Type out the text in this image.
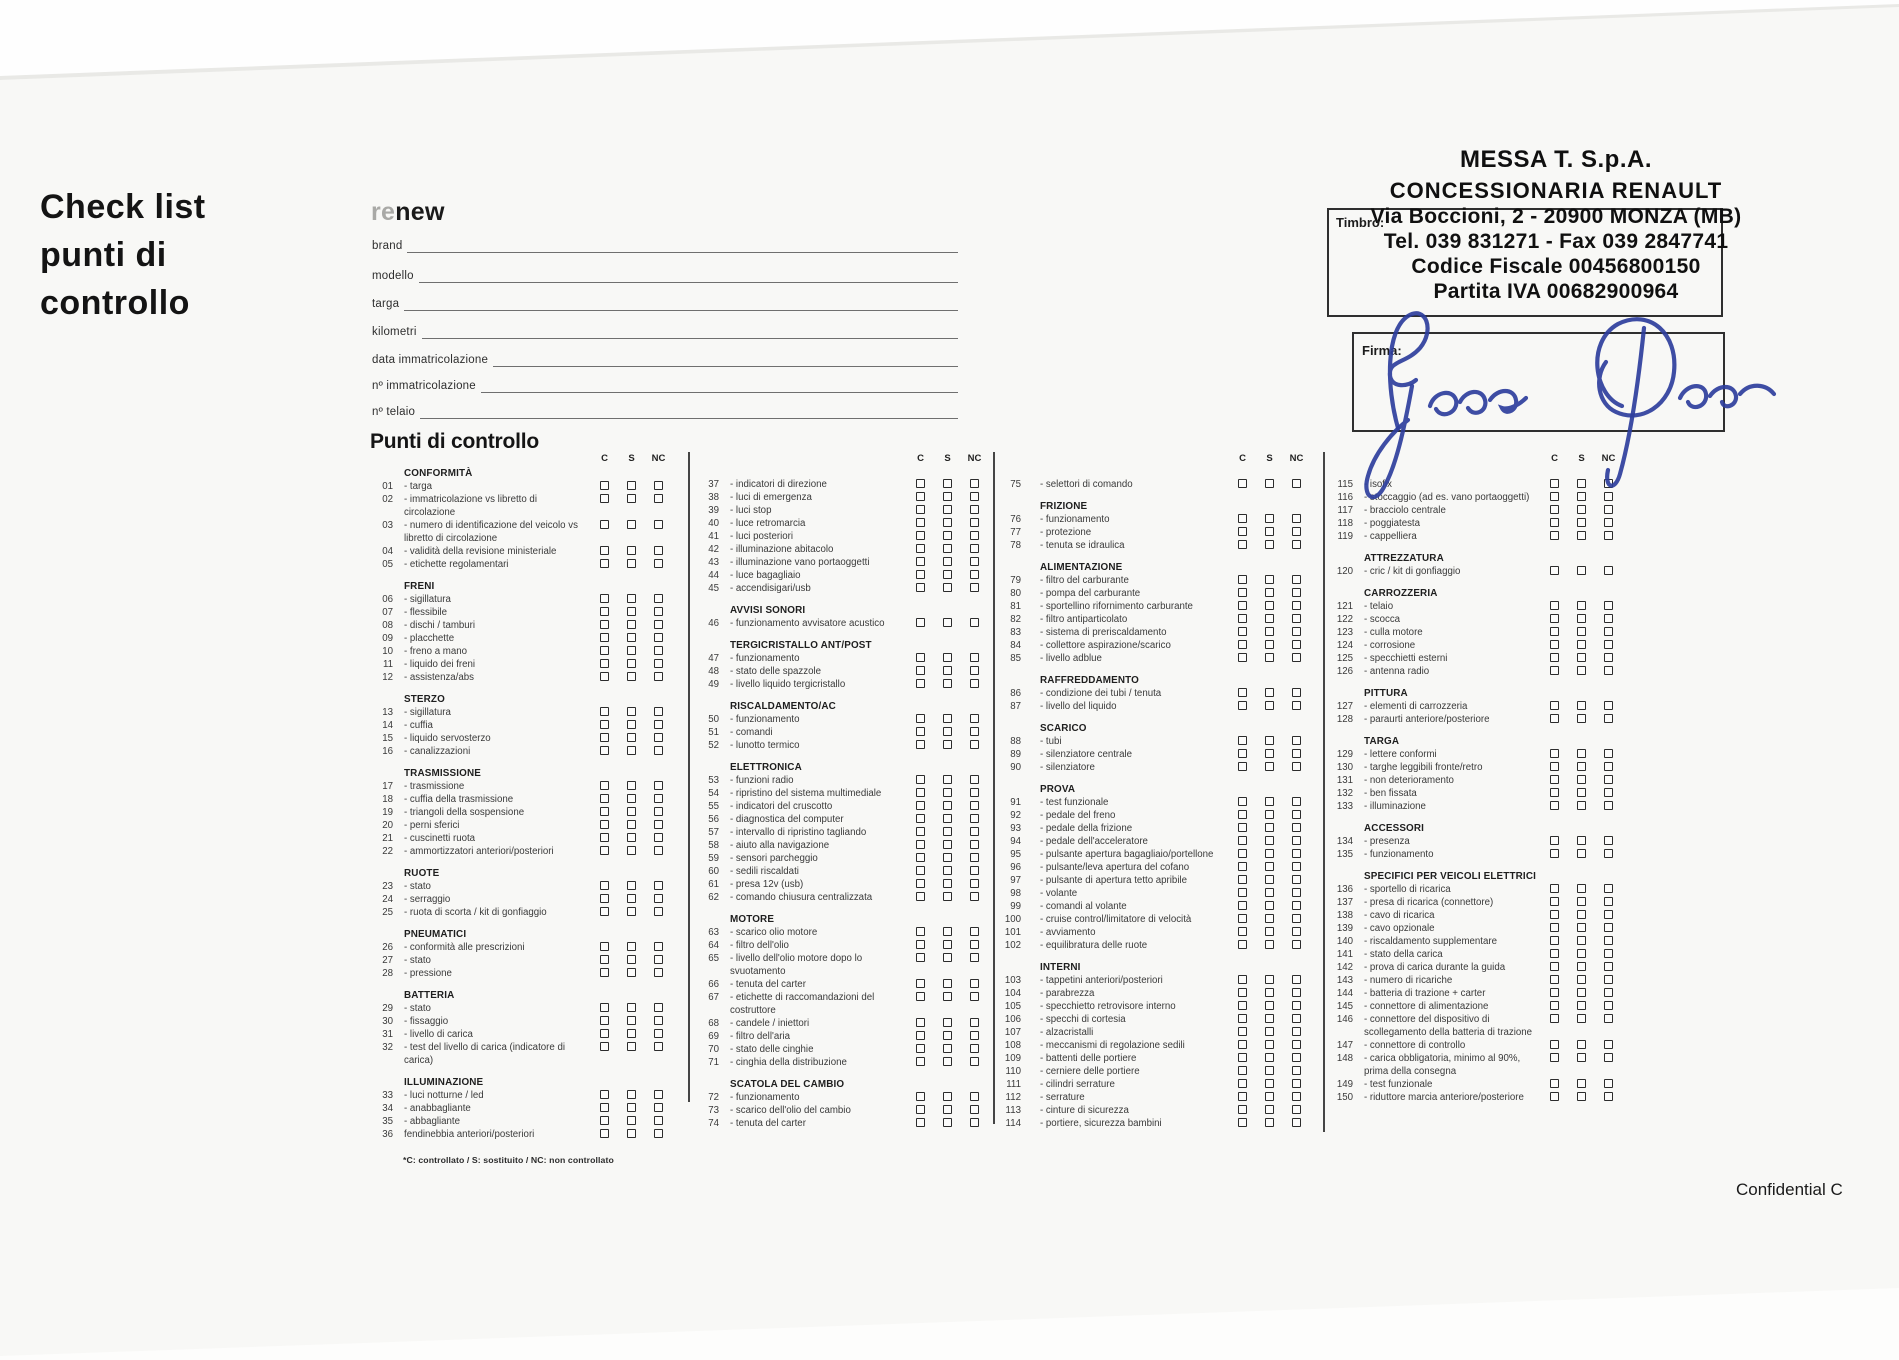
Check list
punti di
controllo
renew
brand
modello
targa
kilometri
data immatricolazione
nº immatricolazione
nº telaio
Punti di controllo
MESSA T. S.p.A.
CONCESSIONARIA RENAULT
Via Boccioni, 2 - 20900 MONZA (MB)
Tel. 039 831271 - Fax 039 2847741
Codice Fiscale 00456800150
Partita IVA 00682900964
Timbro:
Firma:
C	S	NC
CONFORMITÀ
01	- targa
02	- immatricolazione vs libretto di circolazione
03	- numero di identificazione del veicolo vs libretto di circolazione
04	- validità della revisione ministeriale
05	- etichette regolamentari
FRENI
06	- sigillatura
07	- flessibile
08	- dischi / tamburi
09	- placchette
10	- freno a mano
11	- liquido dei freni
12	- assistenza/abs
STERZO
13	- sigillatura
14	- cuffia
15	- liquido servosterzo
16	- canalizzazioni
TRASMISSIONE
17	- trasmissione
18	- cuffia della trasmissione
19	- triangoli della sospensione
20	- perni sferici
21	- cuscinetti ruota
22	- ammortizzatori anteriori/posteriori
RUOTE
23	- stato
24	- serraggio
25	- ruota di scorta / kit di gonfiaggio
PNEUMATICI
26	- conformità alle prescrizioni
27	- stato
28	- pressione
BATTERIA
29	- stato
30	- fissaggio
31	- livello di carica
32	- test del livello di carica (indicatore di carica)
ILLUMINAZIONE
33	- luci notturne / led
34	- anabbagliante
35	- abbagliante
36	fendinebbia anteriori/posteriori
C	S	NC
37	- indicatori di direzione
38	- luci di emergenza
39	- luci stop
40	- luce retromarcia
41	- luci posteriori
42	- illuminazione abitacolo
43	- illuminazione vano portaoggetti
44	- luce bagagliaio
45	- accendisigari/usb
AVVISI SONORI
46	- funzionamento avvisatore acustico
TERGICRISTALLO ANT/POST
47	- funzionamento
48	- stato delle spazzole
49	- livello liquido tergicristallo
RISCALDAMENTO/AC
50	- funzionamento
51	- comandi
52	- lunotto termico
ELETTRONICA
53	- funzioni radio
54	- ripristino del sistema multimediale
55	- indicatori del cruscotto
56	- diagnostica del computer
57	- intervallo di ripristino tagliando
58	- aiuto alla navigazione
59	- sensori parcheggio
60	- sedili riscaldati
61	- presa 12v (usb)
62	- comando chiusura centralizzata
MOTORE
63	- scarico olio motore
64	- filtro dell'olio
65	- livello dell'olio motore dopo lo svuotamento
66	- tenuta del carter
67	- etichette di raccomandazioni del costruttore
68	- candele / iniettori
69	- filtro dell'aria
70	- stato delle cinghie
71	- cinghia della distribuzione
SCATOLA DEL CAMBIO
72	- funzionamento
73	- scarico dell'olio del cambio
74	- tenuta del carter
C	S	NC
75	- selettori di comando
FRIZIONE
76	- funzionamento
77	- protezione
78	- tenuta se idraulica
ALIMENTAZIONE
79	- filtro del carburante
80	- pompa del carburante
81	- sportellino rifornimento carburante
82	- filtro antiparticolato
83	- sistema di preriscaldamento
84	- collettore aspirazione/scarico
85	- livello adblue
RAFFREDDAMENTO
86	- condizione dei tubi / tenuta
87	- livello del liquido
SCARICO
88	- tubi
89	- silenziatore centrale
90	- silenziatore
PROVA
91	- test funzionale
92	- pedale del freno
93	- pedale della frizione
94	- pedale dell'acceleratore
95	- pulsante apertura bagagliaio/portellone
96	- pulsante/leva apertura del cofano
97	- pulsante di apertura tetto apribile
98	- volante
99	- comandi al volante
100	- cruise control/limitatore di velocità
101	- avviamento
102	- equilibratura delle ruote
INTERNI
103	- tappetini anteriori/posteriori
104	- parabrezza
105	- specchietto retrovisore interno
106	- specchi di cortesia
107	- alzacristalli
108	- meccanismi di regolazione sedili
109	- battenti delle portiere
110	- cerniere delle portiere
111	- cilindri serrature
112	- serrature
113	- cinture di sicurezza
114	- portiere, sicurezza bambini
C	S	NC
115	- isofix
116	- stoccaggio (ad es. vano portaoggetti)
117	- bracciolo centrale
118	- poggiatesta
119	- cappelliera
ATTREZZATURA
120	- cric / kit di gonfiaggio
CARROZZERIA
121	- telaio
122	- scocca
123	- culla motore
124	- corrosione
125	- specchietti esterni
126	- antenna radio
PITTURA
127	- elementi di carrozzeria
128	- paraurti anteriore/posteriore
TARGA
129	- lettere conformi
130	- targhe leggibili fronte/retro
131	- non deterioramento
132	- ben fissata
133	- illuminazione
ACCESSORI
134	- presenza
135	- funzionamento
SPECIFICI PER VEICOLI ELETTRICI
136	- sportello di ricarica
137	- presa di ricarica (connettore)
138	- cavo di ricarica
139	- cavo opzionale
140	- riscaldamento supplementare
141	- stato della carica
142	- prova di carica durante la guida
143	- numero di ricariche
144	- batteria di trazione + carter
145	- connettore di alimentazione
146	- connettore del dispositivo di scollegamento della batteria di trazione
147	- connettore di controllo
148	- carica obbligatoria, minimo al 90%, prima della consegna
149	- test funzionale
150	- riduttore marcia anteriore/posteriore
*C: controllato / S: sostituito / NC: non controllato
Confidential C
